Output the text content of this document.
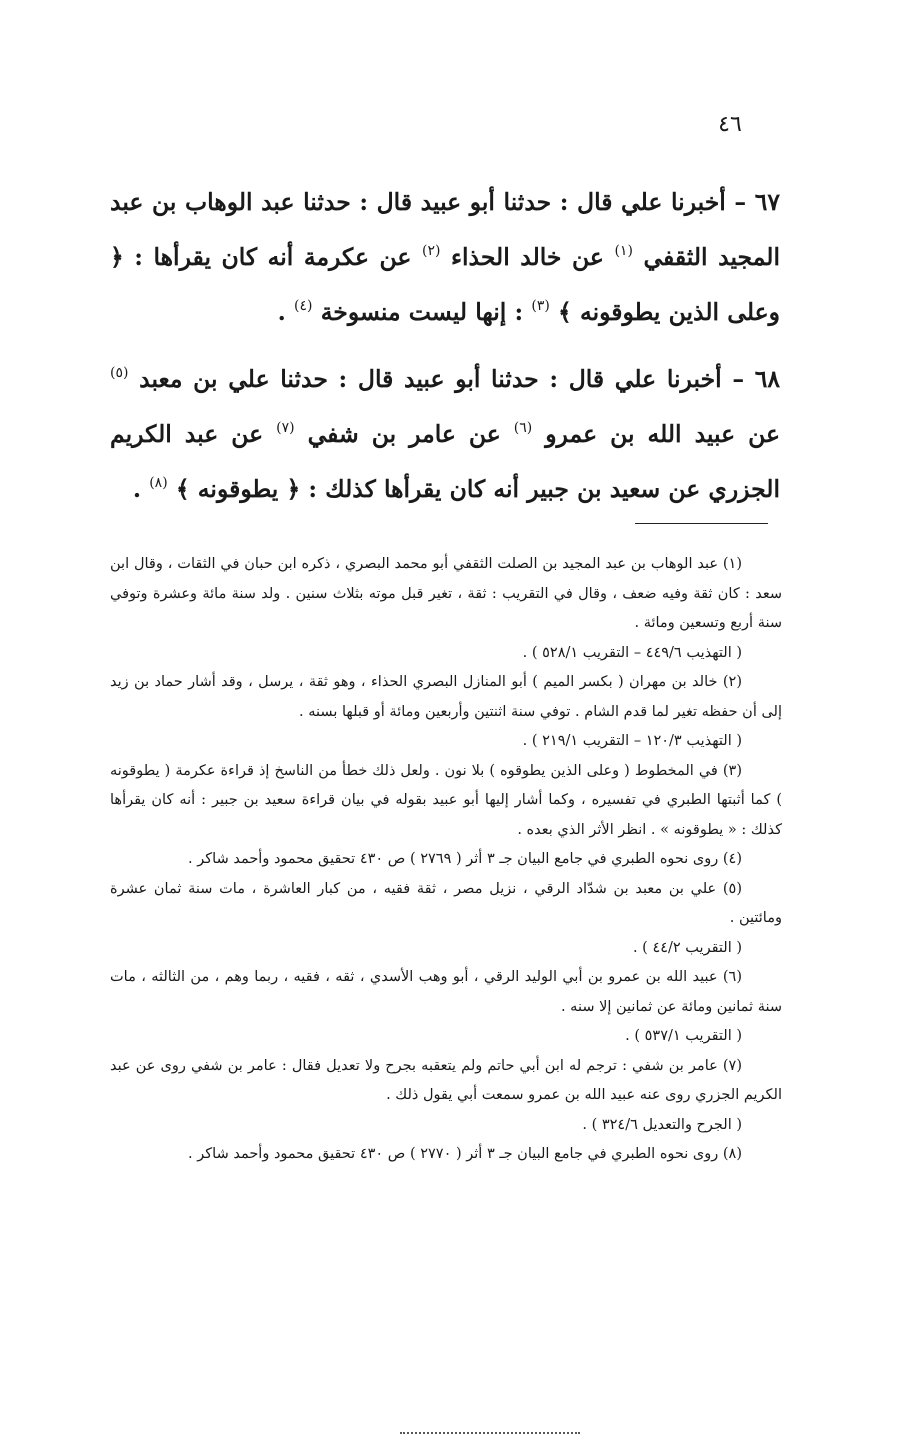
٤٦

٦٧ – أخبرنا علي قال : حدثنا أبو عبيد قال : حدثنا عبد الوهاب بن عبد المجيد الثقفي $^{(١)}$ عن خالد الحذاء $^{(٢)}$ عن عكرمة أنه كان يقرأها : ﴿ وعلى الذين يطوقونه ﴾ $^{(٣)}$ : إنها ليست منسوخة $^{(٤)}$ .

٦٨ – أخبرنا علي قال : حدثنا أبو عبيد قال : حدثنا علي بن معبد $^{(٥)}$ عن عبيد الله بن عمرو $^{(٦)}$ عن عامر بن شفي $^{(٧)}$ عن عبد الكريم الجزري عن سعيد بن جبير أنه كان يقرأها كذلك : ﴿ يطوقونه ﴾ $^{(٨)}$ .

(١) عبد الوهاب بن عبد المجيد بن الصلت الثقفي أبو محمد البصري ، ذكره ابن حبان في الثقات ، وقال ابن سعد : كان ثقة وفيه ضعف ، وقال في التقريب : ثقة ، تغير قبل موته بثلاث سنين . ولد سنة مائة وعشرة وتوفي سنة أربع وتسعين ومائة .

( التهذيب ٤٤٩/٦ – التقريب ٥٢٨/١ ) .

(٢) خالد بن مهران ( بكسر الميم ) أبو المنازل البصري الحذاء ، وهو ثقة ، يرسل ، وقد أشار حماد بن زيد إلى أن حفظه تغير لما قدم الشام . توفي سنة اثنتين وأربعين ومائة أو قبلها بسنه .

( التهذيب ١٢٠/٣ – التقريب ٢١٩/١ ) .

(٣) في المخطوط ( وعلى الذين يطوقوه ) بلا نون . ولعل ذلك خطأ من الناسخ إذ قراءة عكرمة ( يطوقونه ) كما أثبتها الطبري في تفسيره ، وكما أشار إليها أبو عبيد بقوله في بيان قراءة سعيد بن جبير : أنه كان يقرأها كذلك : « يطوقونه » . انظر الأثر الذي بعده .

(٤) روى نحوه الطبري في جامع البيان جـ ٣ أثر ( ٢٧٦٩ ) ص ٤٣٠ تحقيق محمود وأحمد شاكر .

(٥) علي بن معبد بن شدّاد الرقي ، نزيل مصر ، ثقة فقيه ، من كبار العاشرة ، مات سنة ثمان عشرة ومائتين .

( التقريب ٤٤/٢ ) .

(٦) عبيد الله بن عمرو بن أبي الوليد الرقي ، أبو وهب الأسدي ، ثقه ، فقيه ، ربما وهم ، من الثالثه ، مات سنة ثمانين ومائة عن ثمانين إلا سنه .

( التقريب ٥٣٧/١ ) .

(٧) عامر بن شفي : ترجم له ابن أبي حاتم ولم يتعقبه بجرح ولا تعديل فقال : عامر بن شفي روى عن عبد الكريم الجزري روى عنه عبيد الله بن عمرو سمعت أبي يقول ذلك .

( الجرح والتعديل ٣٢٤/٦ ) .

(٨) روى نحوه الطبري في جامع البيان جـ ٣ أثر ( ٢٧٧٠ ) ص ٤٣٠ تحقيق محمود وأحمد شاكر .
